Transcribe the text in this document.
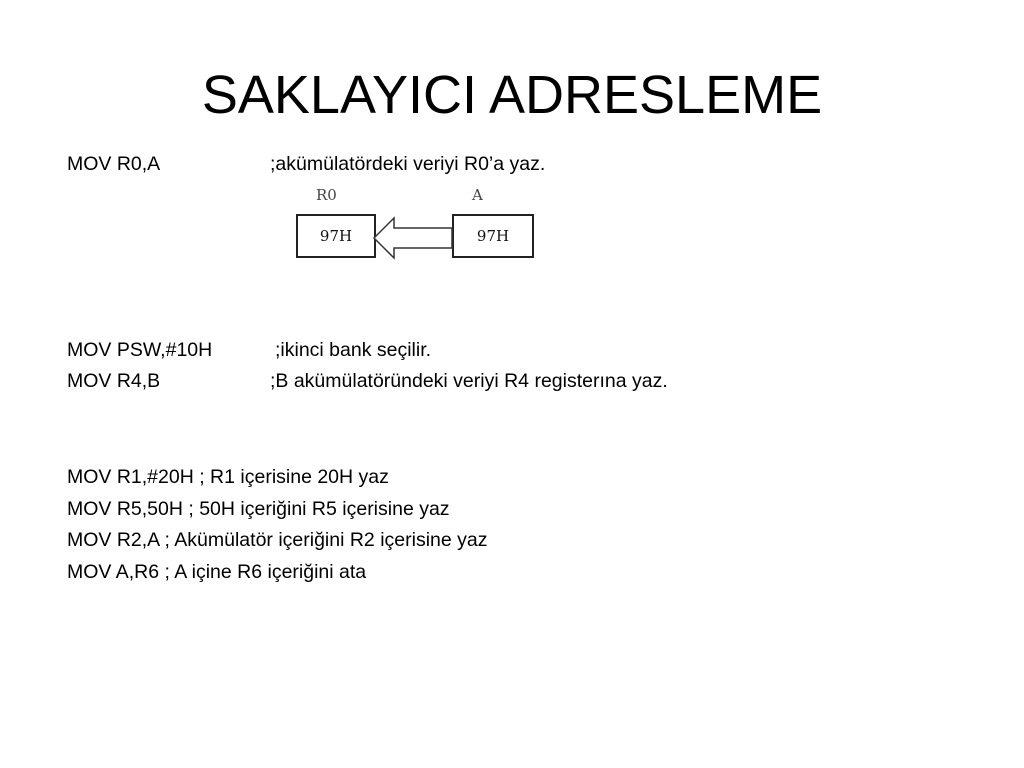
SAKLAYICI ADRESLEME
MOV R0,A	;akümülatördeki veriyi R0’a yaz.
R0	A
97H	97H
MOV PSW,#10H	;ikinci bank seçilir.
MOV R4,B	;B akümülatöründeki veriyi R4 registerına yaz.
MOV R1,#20H ; R1 içerisine 20H yaz
MOV R5,50H ; 50H içeriğini R5 içerisine yaz
MOV R2,A ; Akümülatör içeriğini R2 içerisine yaz
MOV A,R6 ; A içine R6 içeriğini ata
